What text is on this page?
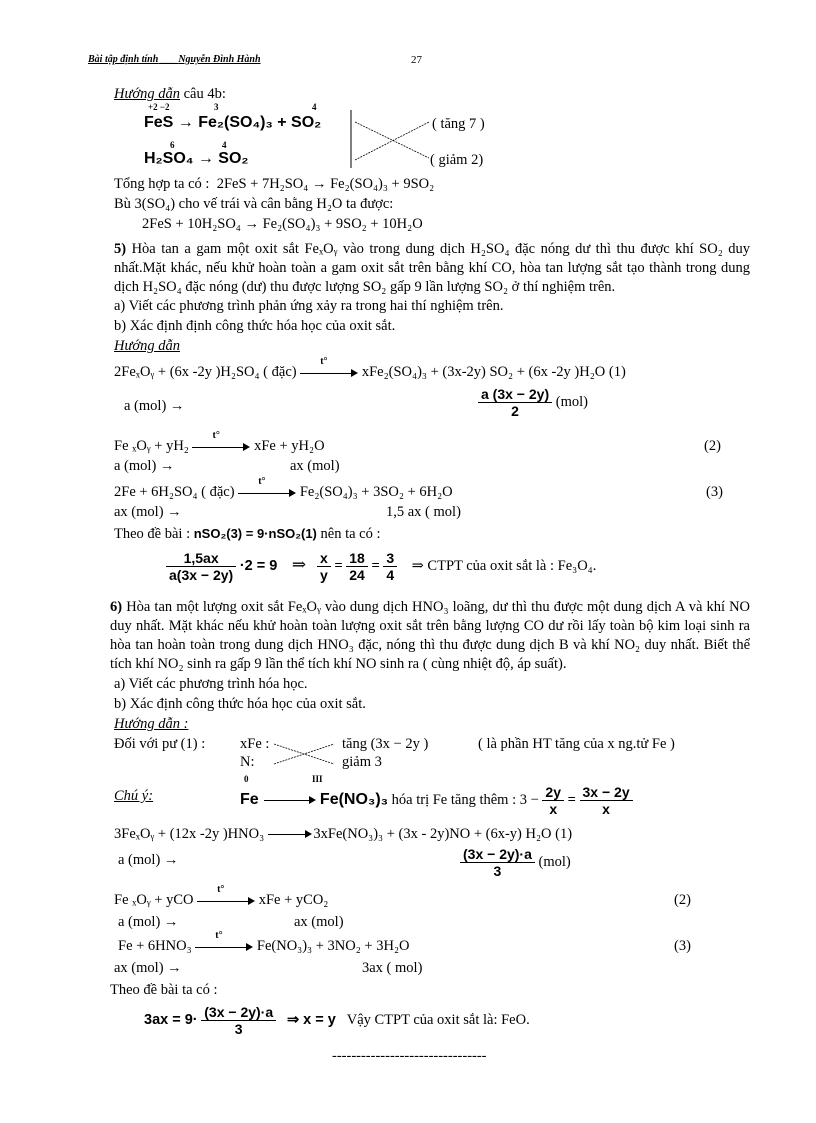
Bài tập định tính ___ Nguyễn Đình Hành	27
Hướng dẫn câu 4b:
+2 −2	3	4
FeS → Fe₂(SO₄)₃ + SO₂	( tăng 7 )
6	4
H₂SO₄ → SO₂	( giảm 2)
Tổng hợp ta có : 2FeS + 7H₂SO₄ → Fe₂(SO₄)₃ + 9SO₂
Bù 3(SO₄) cho vế trái và cân bằng H₂O ta được:
2FeS + 10H₂SO₄ → Fe₂(SO₄)₃ + 9SO₂ + 10H₂O
5) Hòa tan a gam một oxit sắt FeₓOᵧ vào trong dung dịch H₂SO₄ đặc nóng dư thì thu được khí SO₂ duy nhất.Mặt khác, nếu khử hoàn toàn a gam oxit sắt trên bằng khí CO, hòa tan lượng sắt tạo thành trong dung dịch H₂SO₄ đặc nóng (dư) thu được lượng SO₂ gấp 9 lần lượng SO₂ ở thí nghiệm trên.
a) Viết các phương trình phản ứng xảy ra trong hai thí nghiệm trên.
b) Xác định định công thức hóa học của oxit sắt.
Hướng dẫn
2FeₓOᵧ + (6x -2y )H₂SO₄ ( đặc)
t°
xFe₂(SO₄)₃ + (3x-2y) SO₂ + (6x -2y )H₂O (1)
a (mol) →	$\frac{a (3x - 2y)}{2} (mol)$
Fe ₓOᵧ + yH₂
t°
xFe + yH₂O	(2)
a (mol) →	ax (mol)
2Fe + 6H₂SO₄ ( đặc)
t°
Fe₂(SO₄)₃ + 3SO₂ + 6H₂O	(3)
ax (mol) →	1,5 ax ( mol)
Theo đề bài : nSO₂(3) = 9·nSO₂(1) nên ta có :
$\frac{1,5ax}{a(3x - 2y)} \cdot 2 = 9$ ⇒ $\frac{x}{y} = \frac{18}{24} = \frac{3}{4}$ ⇒ CTPT của oxit sắt là : Fe₃O₄.
6) Hòa tan một lượng oxit sắt FeₓOᵧ vào dung dịch HNO₃ loãng, dư thì thu được một dung dịch A và khí NO duy nhất. Mặt khác nếu khử hoàn toàn lượng oxit sắt trên bằng lượng CO dư rồi lấy toàn bộ kim loại sinh ra hòa tan hoàn toàn trong dung dịch HNO₃ đặc, nóng thì thu được dung dịch B và khí NO₂ duy nhất. Biết thể tích khí NO₂ sinh ra gấp 9 lần thể tích khí NO sinh ra ( cùng nhiệt độ, áp suất).
a) Viết các phương trình hóa học.
b) Xác định công thức hóa học của oxit sắt.
Hướng dẫn :
Đối với pư (1) : xFe :	tăng (3x − 2y )	( là phần HT tăng của x ng.tử Fe )
N:	giảm 3
Chú ý:
0	III
Fe	Fe(NO₃)₃ hóa trị Fe tăng thêm : $3 - \frac{2y}{x} = \frac{3x - 2y}{x}$
3FeₓOᵧ + (12x -2y )HNO₃	3xFe(NO₃)₃ + (3x - 2y)NO + (6x-y) H₂O (1)
a (mol) →	$\frac{(3x - 2y)\cdot a}{3} (mol)$
Fe ₓOᵧ + yCO
t°
xFe + yCO₂	(2)
a (mol) →	ax (mol)
Fe + 6HNO₃
t°
Fe(NO₃)₃ + 3NO₂ + 3H₂O	(3)
ax (mol) →	3ax ( mol)
Theo đề bài ta có :
$3ax = 9\cdot \frac{(3x - 2y)\cdot a}{3}$ ⇒ x = y Vậy CTPT của oxit sắt là: FeO.
--------------------------------
